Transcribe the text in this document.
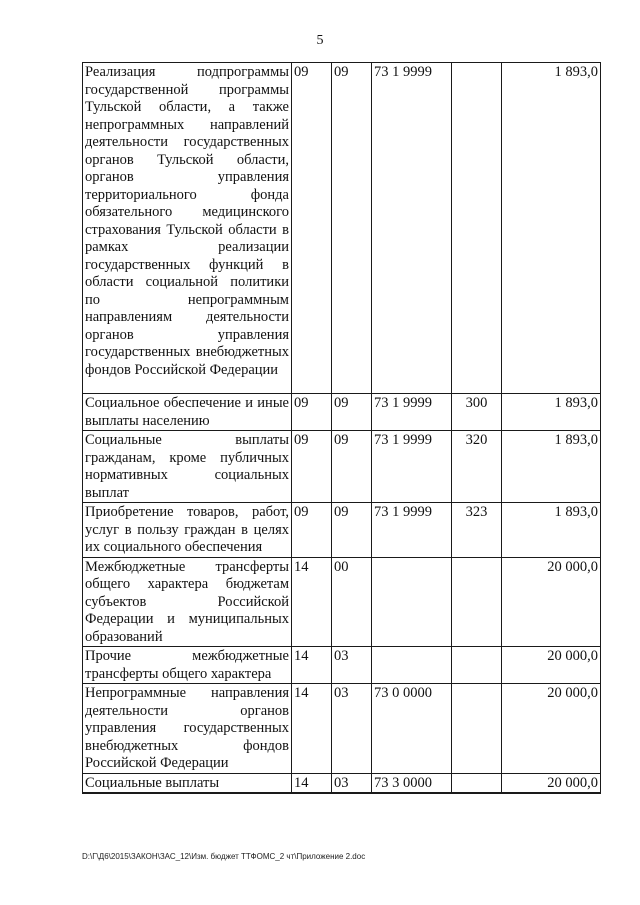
5
Реализация подпрограммы государственной программы Тульской области, а также непрограммных направлений деятельности государственных органов Тульской области, органов управления территориального фонда обязательного медицинского страхования Тульской области в рамках реализации государственных функций в области социальной политики по непрограммным направлениям деятельности органов управления государственных внебюджетных фондов Российской Федерации	09	09	73 1 9999		1 893,0
Социальное обеспечение и иные выплаты населению	09	09	73 1 9999	300	1 893,0
Социальные выплаты гражданам, кроме публичных нормативных социальных выплат	09	09	73 1 9999	320	1 893,0
Приобретение товаров, работ, услуг в пользу граждан в целях их социального обеспечения	09	09	73 1 9999	323	1 893,0
Межбюджетные трансферты общего характера бюджетам субъектов Российской Федерации и муниципальных образований	14	00			20 000,0
Прочие межбюджетные трансферты общего характера	14	03			20 000,0
Непрограммные направления деятельности органов управления государственных внебюджетных фондов Российской Федерации	14	03	73 0 0000		20 000,0
Социальные выплаты	14	03	73 3 0000		20 000,0
D:\Г\Д6\2015\ЗАКОН\ЗАС_12\Изм. бюджет ТТФОМС_2 чт\Приложение 2.doc
